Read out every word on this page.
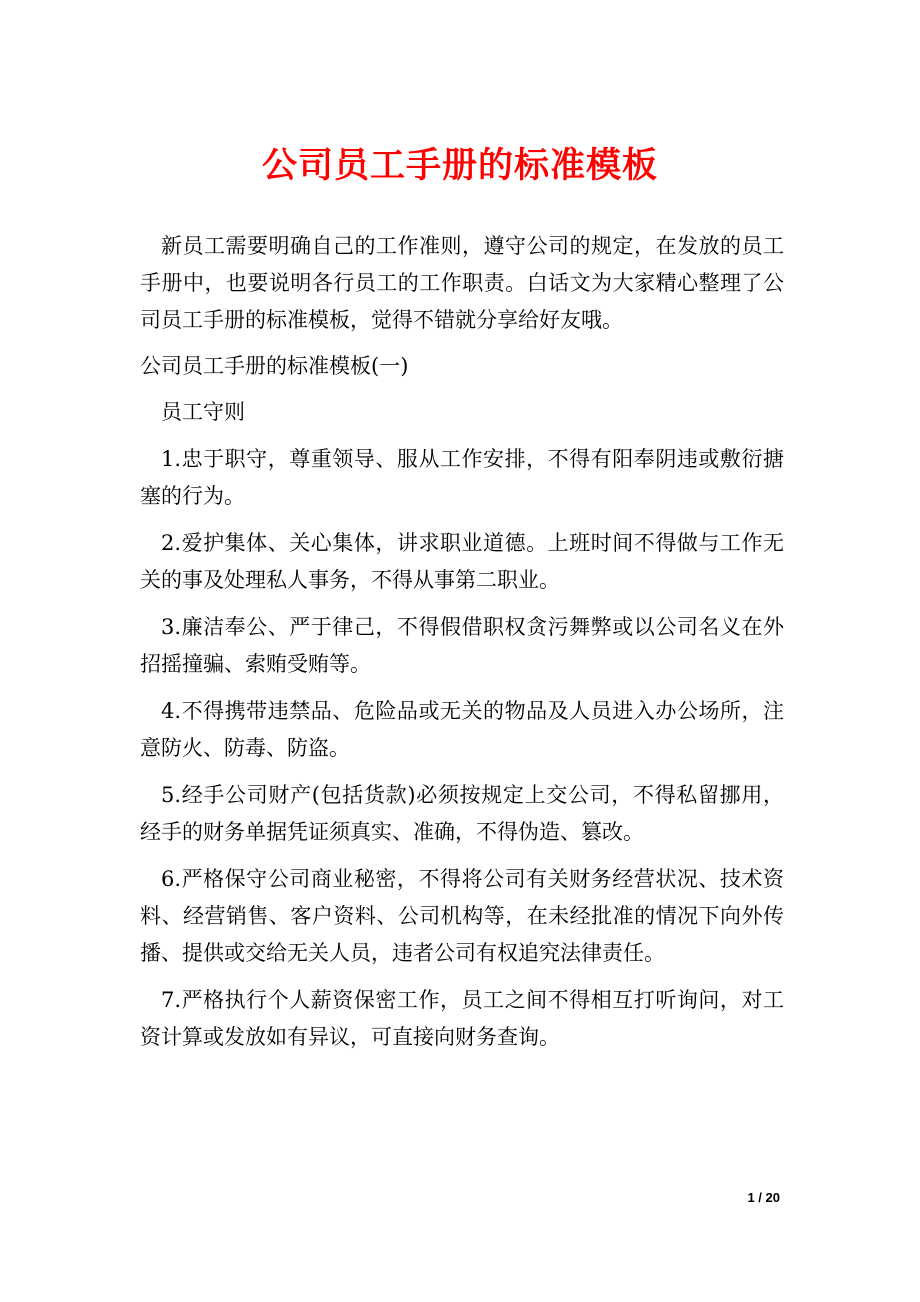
公司员工手册的标准模板

新员工需要明确自己的工作准则，遵守公司的规定，在发放的员工手册中，也要说明各行员工的工作职责。白话文为大家精心整理了公司员工手册的标准模板，觉得不错就分享给好友哦。

公司员工手册的标准模板(一)

员工守则

1.忠于职守，尊重领导、服从工作安排，不得有阳奉阴违或敷衍搪塞的行为。

2.爱护集体、关心集体，讲求职业道德。上班时间不得做与工作无关的事及处理私人事务，不得从事第二职业。

3.廉洁奉公、严于律己，不得假借职权贪污舞弊或以公司名义在外招摇撞骗、索贿受贿等。

4.不得携带违禁品、危险品或无关的物品及人员进入办公场所，注意防火、防毒、防盗。

5.经手公司财产(包括货款)必须按规定上交公司，不得私留挪用，经手的财务单据凭证须真实、准确，不得伪造、篡改。

6.严格保守公司商业秘密，不得将公司有关财务经营状况、技术资料、经营销售、客户资料、公司机构等，在未经批准的情况下向外传播、提供或交给无关人员，违者公司有权追究法律责任。

7.严格执行个人薪资保密工作，员工之间不得相互打听询问，对工资计算或发放如有异议，可直接向财务查询。

1 / 20
